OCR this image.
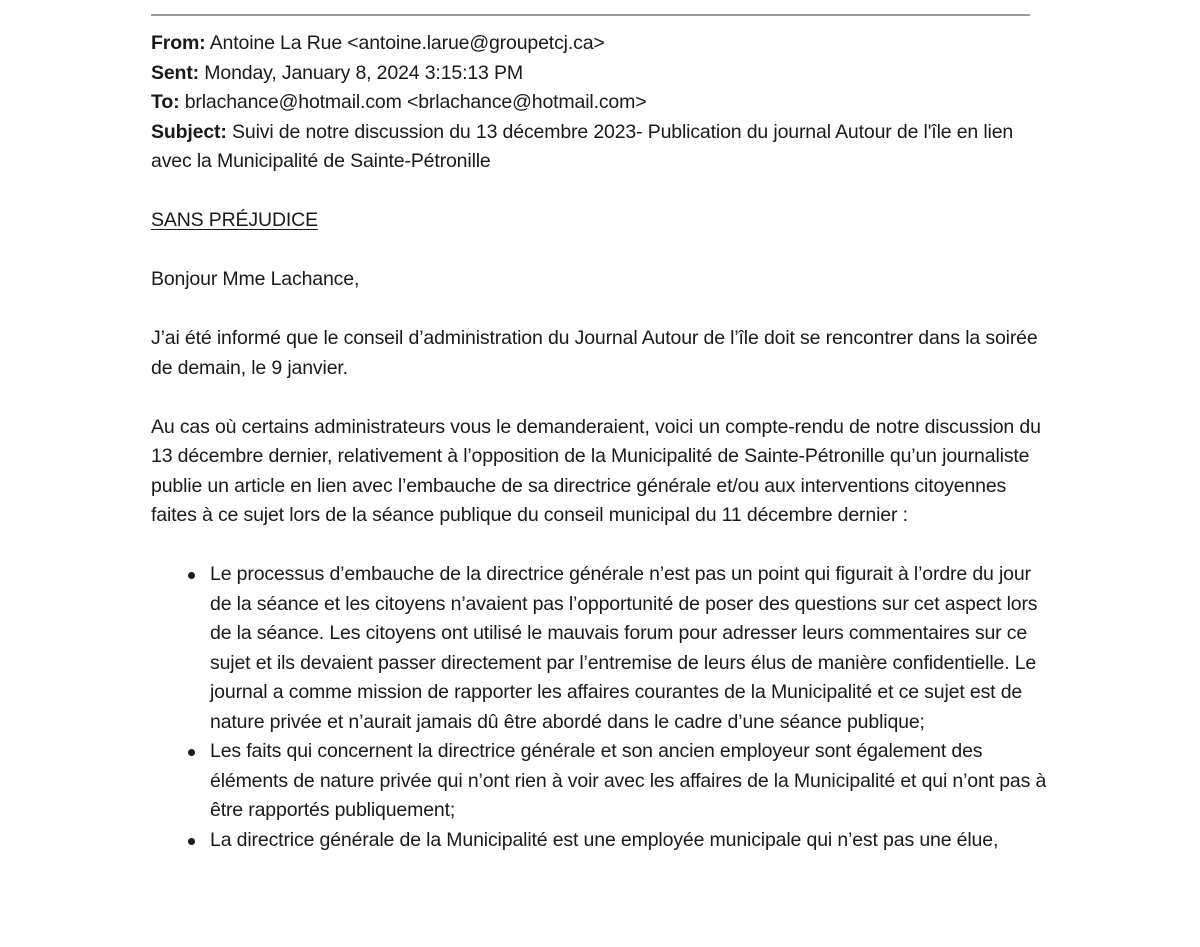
From: Antoine La Rue <antoine.larue@groupetcj.ca>

Sent: Monday, January 8, 2024 3:15:13 PM

To: brlachance@hotmail.com <brlachance@hotmail.com>

Subject: Suivi de notre discussion du 13 décembre 2023- Publication du journal Autour de l'île en lien avec la Municipalité de Sainte-Pétronille

SANS PRÉJUDICE

Bonjour Mme Lachance,

J’ai été informé que le conseil d’administration du Journal Autour de l’île doit se rencontrer dans la soirée de demain, le 9 janvier.

Au cas où certains administrateurs vous le demanderaient, voici un compte-rendu de notre discussion du 13 décembre dernier, relativement à l’opposition de la Municipalité de Sainte-Pétronille qu’un journaliste publie un article en lien avec l’embauche de sa directrice générale et/ou aux interventions citoyennes faites à ce sujet lors de la séance publique du conseil municipal du 11 décembre dernier :

Le processus d’embauche de la directrice générale n’est pas un point qui figurait à l’ordre du jour de la séance et les citoyens n’avaient pas l’opportunité de poser des questions sur cet aspect lors de la séance. Les citoyens ont utilisé le mauvais forum pour adresser leurs commentaires sur ce sujet et ils devaient passer directement par l’entremise de leurs élus de manière confidentielle. Le journal a comme mission de rapporter les affaires courantes de la Municipalité et ce sujet est de nature privée et n’aurait jamais dû être abordé dans le cadre d’une séance publique;
Les faits qui concernent la directrice générale et son ancien employeur sont également des éléments de nature privée qui n’ont rien à voir avec les affaires de la Municipalité et qui n’ont pas à être rapportés publiquement;
La directrice générale de la Municipalité est une employée municipale qui n’est pas une élue,
